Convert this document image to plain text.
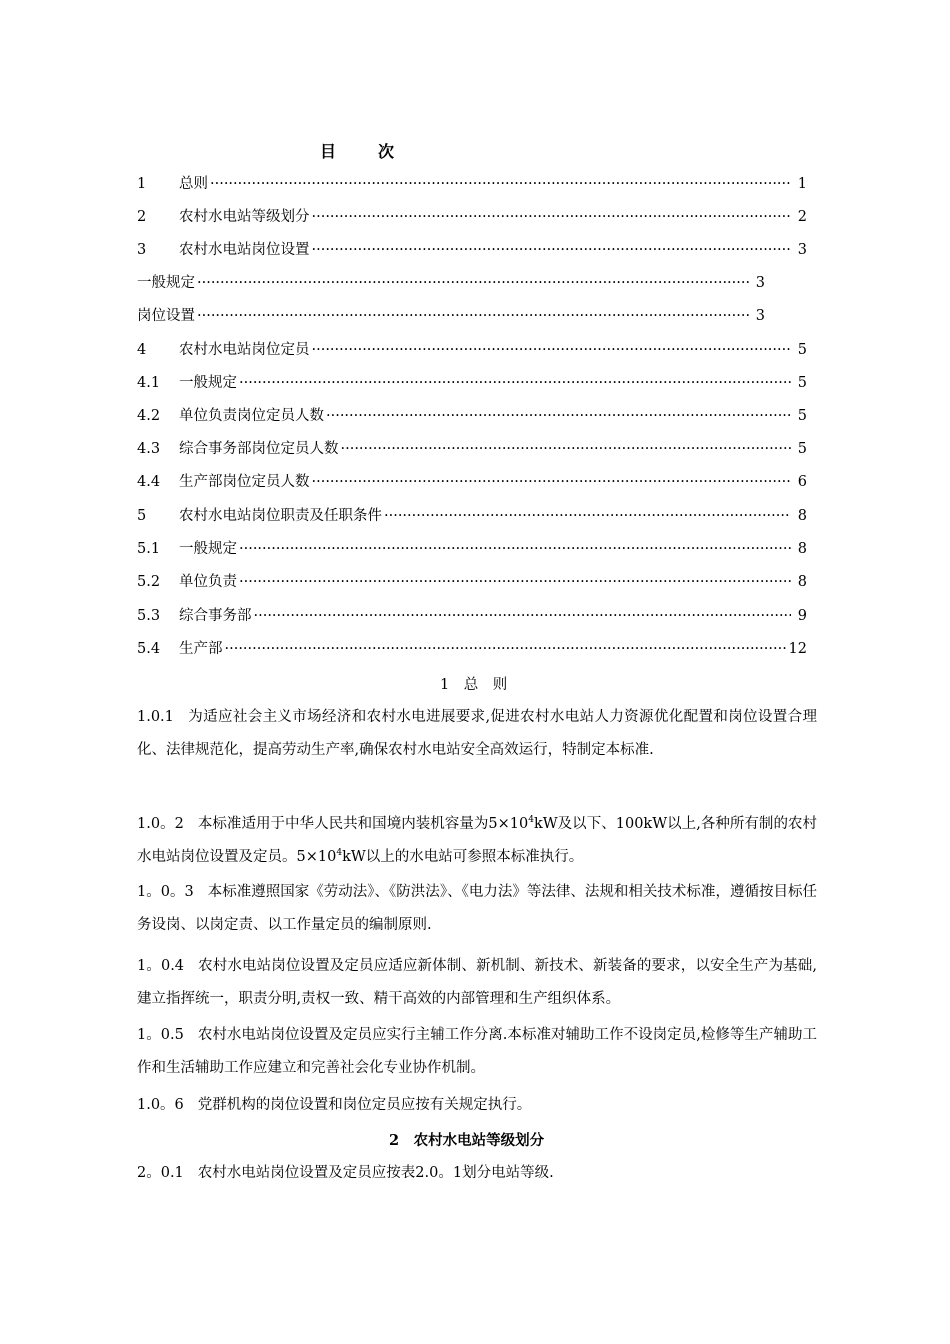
目	次
1	总则 ·····	1
2	农村水电站等级划分 ·····	2
3	农村水电站岗位设置 ·····	3
一般规定 ·····	3
岗位设置 ·····	3
4	农村水电站岗位定员 ·····	5
4.1	一般规定 ·····	5
4.2	单位负责岗位定员人数 ·····	5
4.3	综合事务部岗位定员人数 ·····	5
4.4	生产部岗位定员人数 ·····	6
5	农村水电站岗位职责及任职条件 ·····	8
5.1	一般规定 ·····	8
5.2	单位负责 ·····	8
5.3	综合事务部 ·····	9
5.4	生产部 ·····	12
1　总　则
1.0.1 为适应社会主义市场经济和农村水电进展要求,促进农村水电站人力资源优化配置和岗位设置合理化、法律规范化，提高劳动生产率,确保农村水电站安全高效运行，特制定本标准.
1.0。2 本标准适用于中华人民共和国境内装机容量为$5\times 10^4kW$及以下、100kW以上,各种所有制的农村水电站岗位设置及定员。$5\times 10^4kW$以上的水电站可参照本标准执行。
1。0。3 本标准遵照国家《劳动法》、《防洪法》、《电力法》等法律、法规和相关技术标准，遵循按目标任务设岗、以岗定责、以工作量定员的编制原则.
1。0.4 农村水电站岗位设置及定员应适应新体制、新机制、新技术、新装备的要求，以安全生产为基础,建立指挥统一，职责分明,责权一致、精干高效的内部管理和生产组织体系。
1。0.5 农村水电站岗位设置及定员应实行主辅工作分离.本标准对辅助工作不设岗定员,检修等生产辅助工作和生活辅助工作应建立和完善社会化专业协作机制。
1.0。6 党群机构的岗位设置和岗位定员应按有关规定执行。
2　农村水电站等级划分
2。0.1 农村水电站岗位设置及定员应按表2.0。1划分电站等级.
